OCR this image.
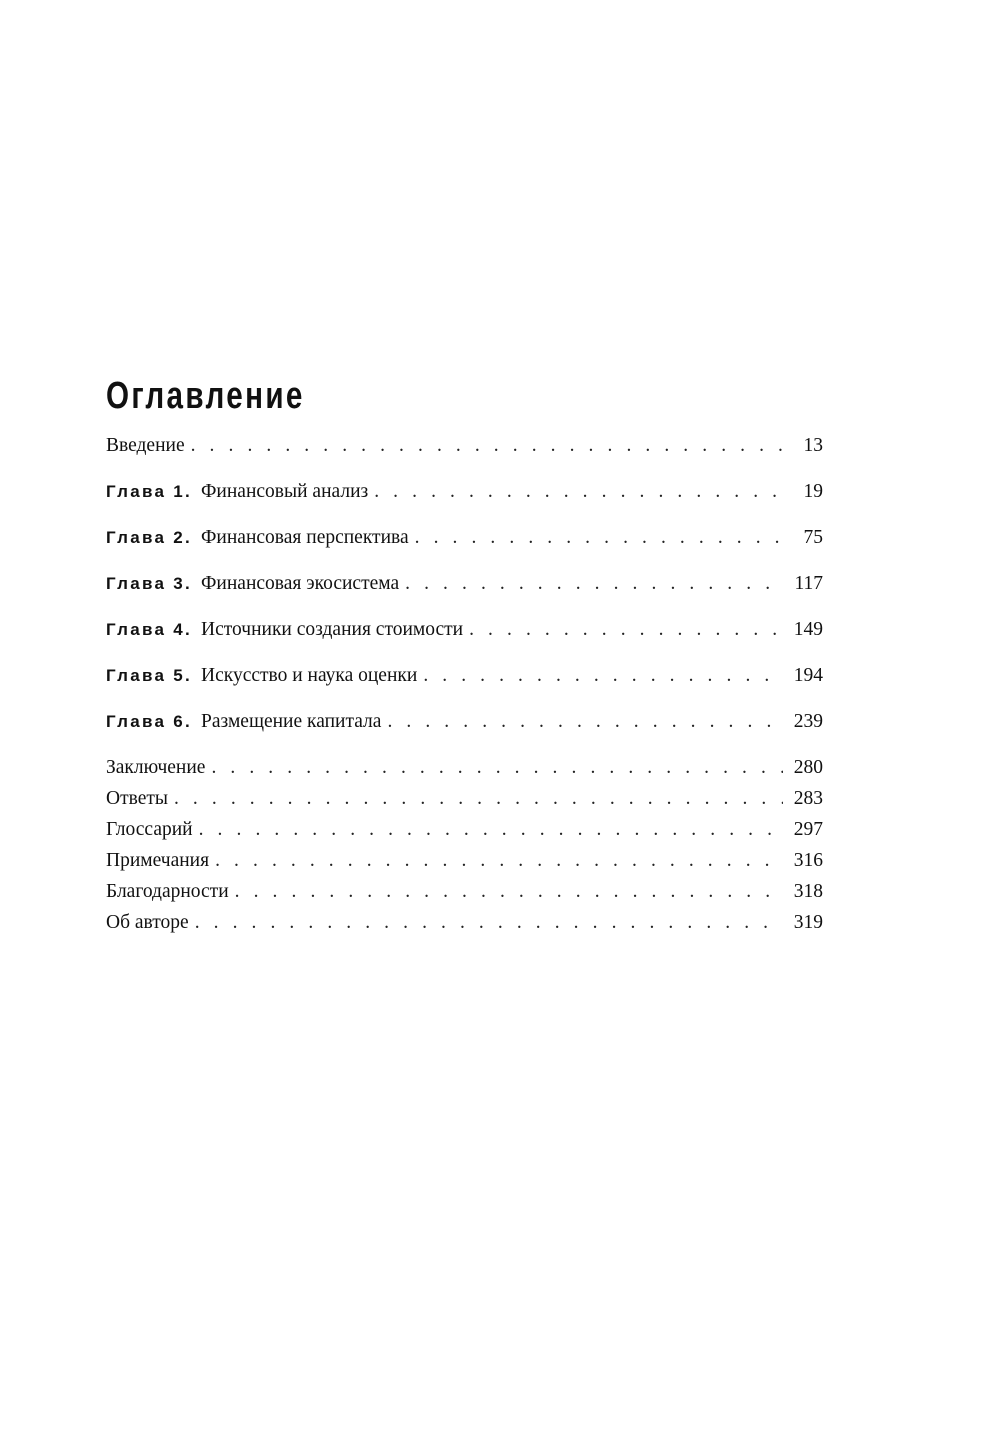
Оглавление
Введение . . .	13
Глава 1. Финансовый анализ . . .	19
Глава 2. Финансовая перспектива . . .	75
Глава 3. Финансовая экосистема . . .	117
Глава 4. Источники создания стоимости . . .	149
Глава 5. Искусство и наука оценки . . .	194
Глава 6. Размещение капитала . . .	239
Заключение . . .	280
Ответы . . .	283
Глоссарий . . .	297
Примечания . . .	316
Благодарности . . .	318
Об авторе . . .	319
